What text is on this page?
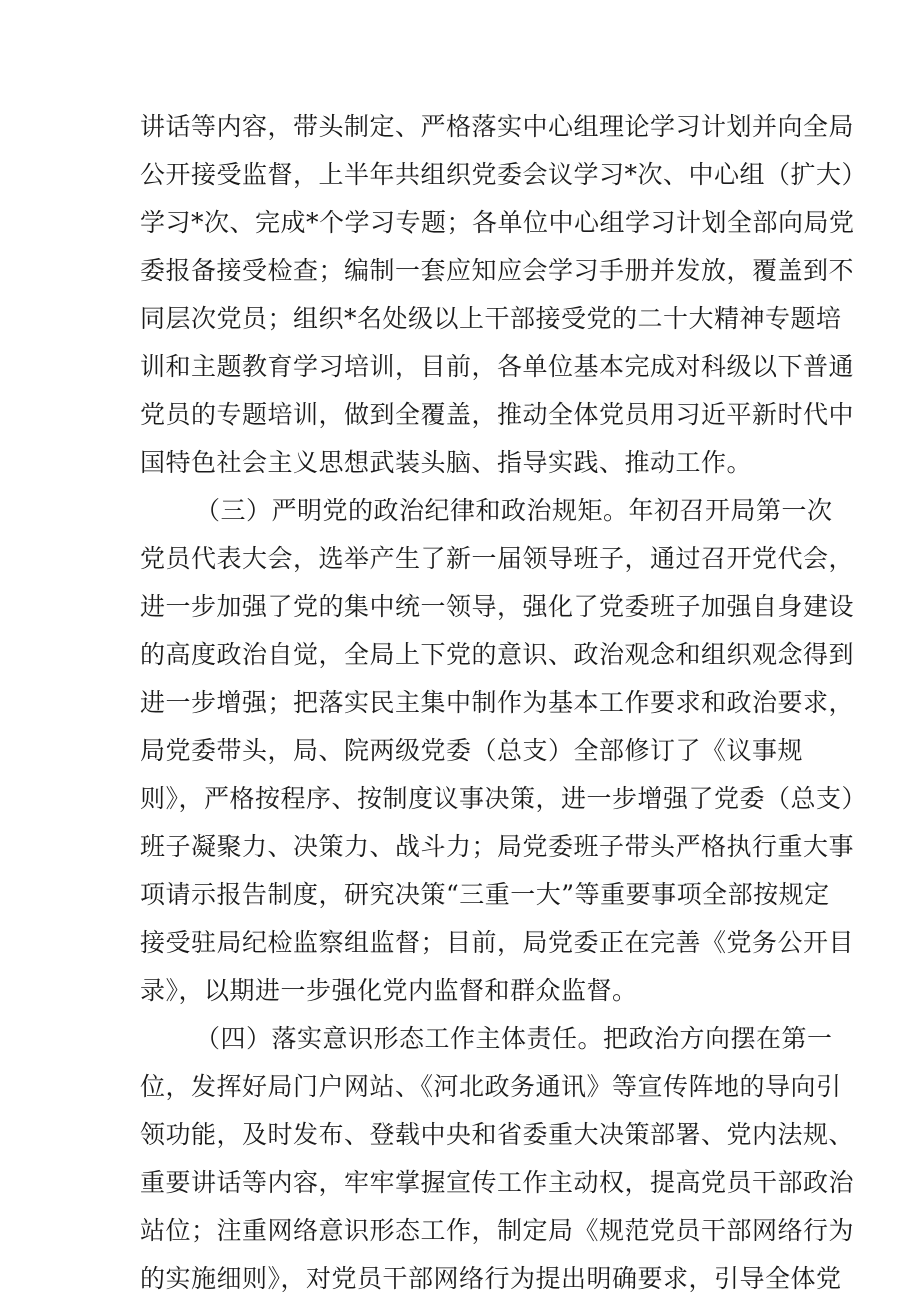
讲话等内容，带头制定、严格落实中心组理论学习计划并向全局
公开接受监督，上半年共组织党委会议学习*次、中心组（扩大）
学习*次、完成*个学习专题；各单位中心组学习计划全部向局党
委报备接受检查；编制一套应知应会学习手册并发放，覆盖到不
同层次党员；组织*名处级以上干部接受党的二十大精神专题培
训和主题教育学习培训，目前，各单位基本完成对科级以下普通
党员的专题培训，做到全覆盖，推动全体党员用习近平新时代中
国特色社会主义思想武装头脑、指导实践、推动工作。
（三）严明党的政治纪律和政治规矩。年初召开局第一次
党员代表大会，选举产生了新一届领导班子，通过召开党代会，
进一步加强了党的集中统一领导，强化了党委班子加强自身建设
的高度政治自觉，全局上下党的意识、政治观念和组织观念得到
进一步增强；把落实民主集中制作为基本工作要求和政治要求，
局党委带头，局、院两级党委（总支）全部修订了《议事规
则》，严格按程序、按制度议事决策，进一步增强了党委（总支）
班子凝聚力、决策力、战斗力；局党委班子带头严格执行重大事
项请示报告制度，研究决策“三重一大”等重要事项全部按规定
接受驻局纪检监察组监督；目前，局党委正在完善《党务公开目
录》，以期进一步强化党内监督和群众监督。
（四）落实意识形态工作主体责任。把政治方向摆在第一
位，发挥好局门户网站、《河北政务通讯》等宣传阵地的导向引
领功能，及时发布、登载中央和省委重大决策部署、党内法规、
重要讲话等内容，牢牢掌握宣传工作主动权，提高党员干部政治
站位；注重网络意识形态工作，制定局《规范党员干部网络行为
的实施细则》，对党员干部网络行为提出明确要求，引导全体党
